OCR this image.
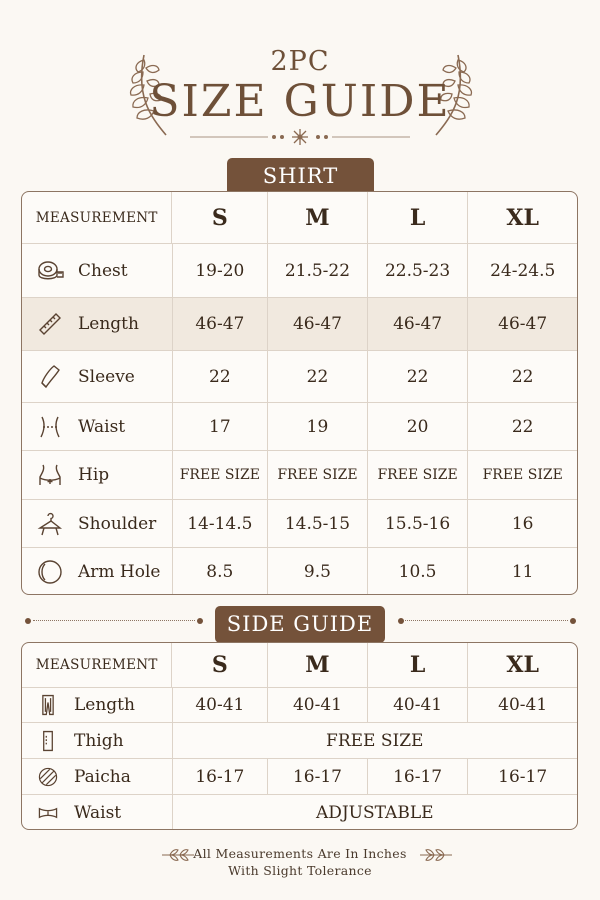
2PC
SIZE GUIDE
SHIRT
MEASUREMENT	S	M	L	XL
Chest	19-20	21.5-22	22.5-23	24-24.5
Length	46-47	46-47	46-47	46-47
Sleeve	22	22	22	22
Waist	17	19	20	22
Hip	FREE SIZE	FREE SIZE	FREE SIZE	FREE SIZE
Shoulder	14-14.5	14.5-15	15.5-16	16
Arm Hole	8.5	9.5	10.5	11
SIDE GUIDE
MEASUREMENT	S	M	L	XL
Length	40-41	40-41	40-41	40-41
Thigh	FREE SIZE
Paicha	16-17	16-17	16-17	16-17
Waist	ADJUSTABLE
All Measurements Are In Inches
With Slight Tolerance
